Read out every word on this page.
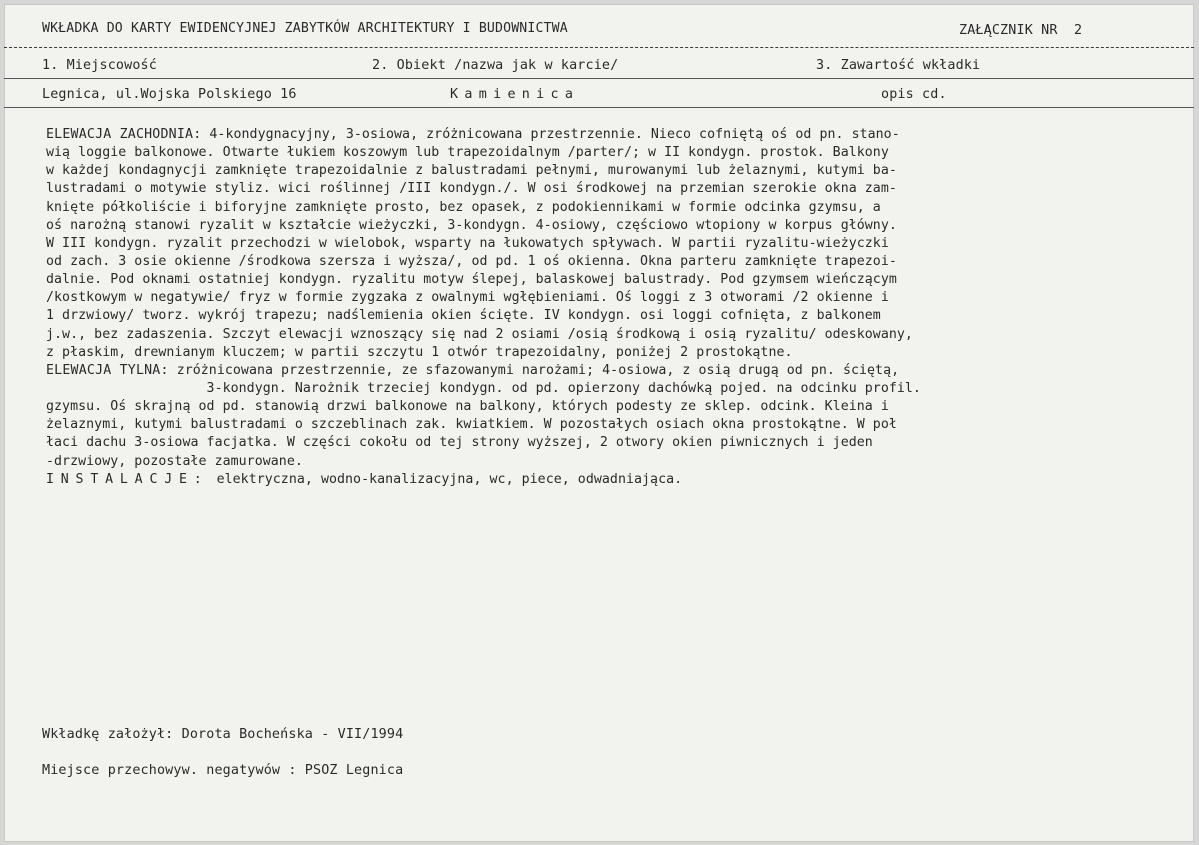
WKŁADKA DO KARTY EWIDENCYJNEJ ZABYTKÓW ARCHITEKTURY I BUDOWNICTWA	ZAŁĄCZNIK NR  2
1. Miejscowość	2. Obiekt /nazwa jak w karcie/	3. Zawartość wkładki
Legnica, ul.Wojska Polskiego 16	Kamienica	opis cd.
ELEWACJA ZACHODNIA: 4-kondygnacyjny, 3-osiowa, zróżnicowana przestrzennie. Nieco cofniętą oś od pn. stano-
wią loggie balkonowe. Otwarte łukiem koszowym lub trapezoidalnym /parter/; w II kondygn. prostok. Balkony
w każdej kondagnycji zamknięte trapezoidalnie z balustradami pełnymi, murowanymi lub żelaznymi, kutymi ba-
lustradami o motywie styliz. wici roślinnej /III kondygn./. W osi środkowej na przemian szerokie okna zam-
knięte półkoliście i biforyjne zamknięte prosto, bez opasek, z podokiennikami w formie odcinka gzymsu, a
oś narożną stanowi ryzalit w kształcie wieżyczki, 3-kondygn. 4-osiowy, częściowo wtopiony w korpus główny.
W III kondygn. ryzalit przechodzi w wielobok, wsparty na łukowatych spływach. W partii ryzalitu-wieżyczki
od zach. 3 osie okienne /środkowa szersza i wyższa/, od pd. 1 oś okienna. Okna parteru zamknięte trapezoi-
dalnie. Pod oknami ostatniej kondygn. ryzalitu motyw ślepej, balaskowej balustrady. Pod gzymsem wieńczącym
/kostkowym w negatywie/ fryz w formie zygzaka z owalnymi wgłębieniami. Oś loggi z 3 otworami /2 okienne i
1 drzwiowy/ tworz. wykrój trapezu; nadślemienia okien ścięte. IV kondygn. osi loggi cofnięta, z balkonem
j.w., bez zadaszenia. Szczyt elewacji wznoszący się nad 2 osiami /osią środkową i osią ryzalitu/ odeskowany,
z płaskim, drewnianym kluczem; w partii szczytu 1 otwór trapezoidalny, poniżej 2 prostokątne.
ELEWACJA TYLNA: zróżnicowana przestrzennie, ze sfazowanymi narożami; 4-osiowa, z osią drugą od pn. ściętą,
3-kondygn. Narożnik trzeciej kondygn. od pd. opierzony dachówką pojed. na odcinku profil.
gzymsu. Oś skrajną od pd. stanowią drzwi balkonowe na balkony, których podesty ze sklep. odcink. Kleina i
żelaznymi, kutymi balustradami o szczeblinach zak. kwiatkiem. W pozostałych osiach okna prostokątne. W poł
łaci dachu 3-osiowa facjatka. W części cokołu od tej strony wyższej, 2 otwory okien piwnicznych i jeden
-drzwiowy, pozostałe zamurowane.
INSTALACJE: elektryczna, wodno-kanalizacyjna, wc, piece, odwadniająca.
Wkładkę założył: Dorota Bocheńska - VII/1994
Miejsce przechowyw. negatywów : PSOZ Legnica
